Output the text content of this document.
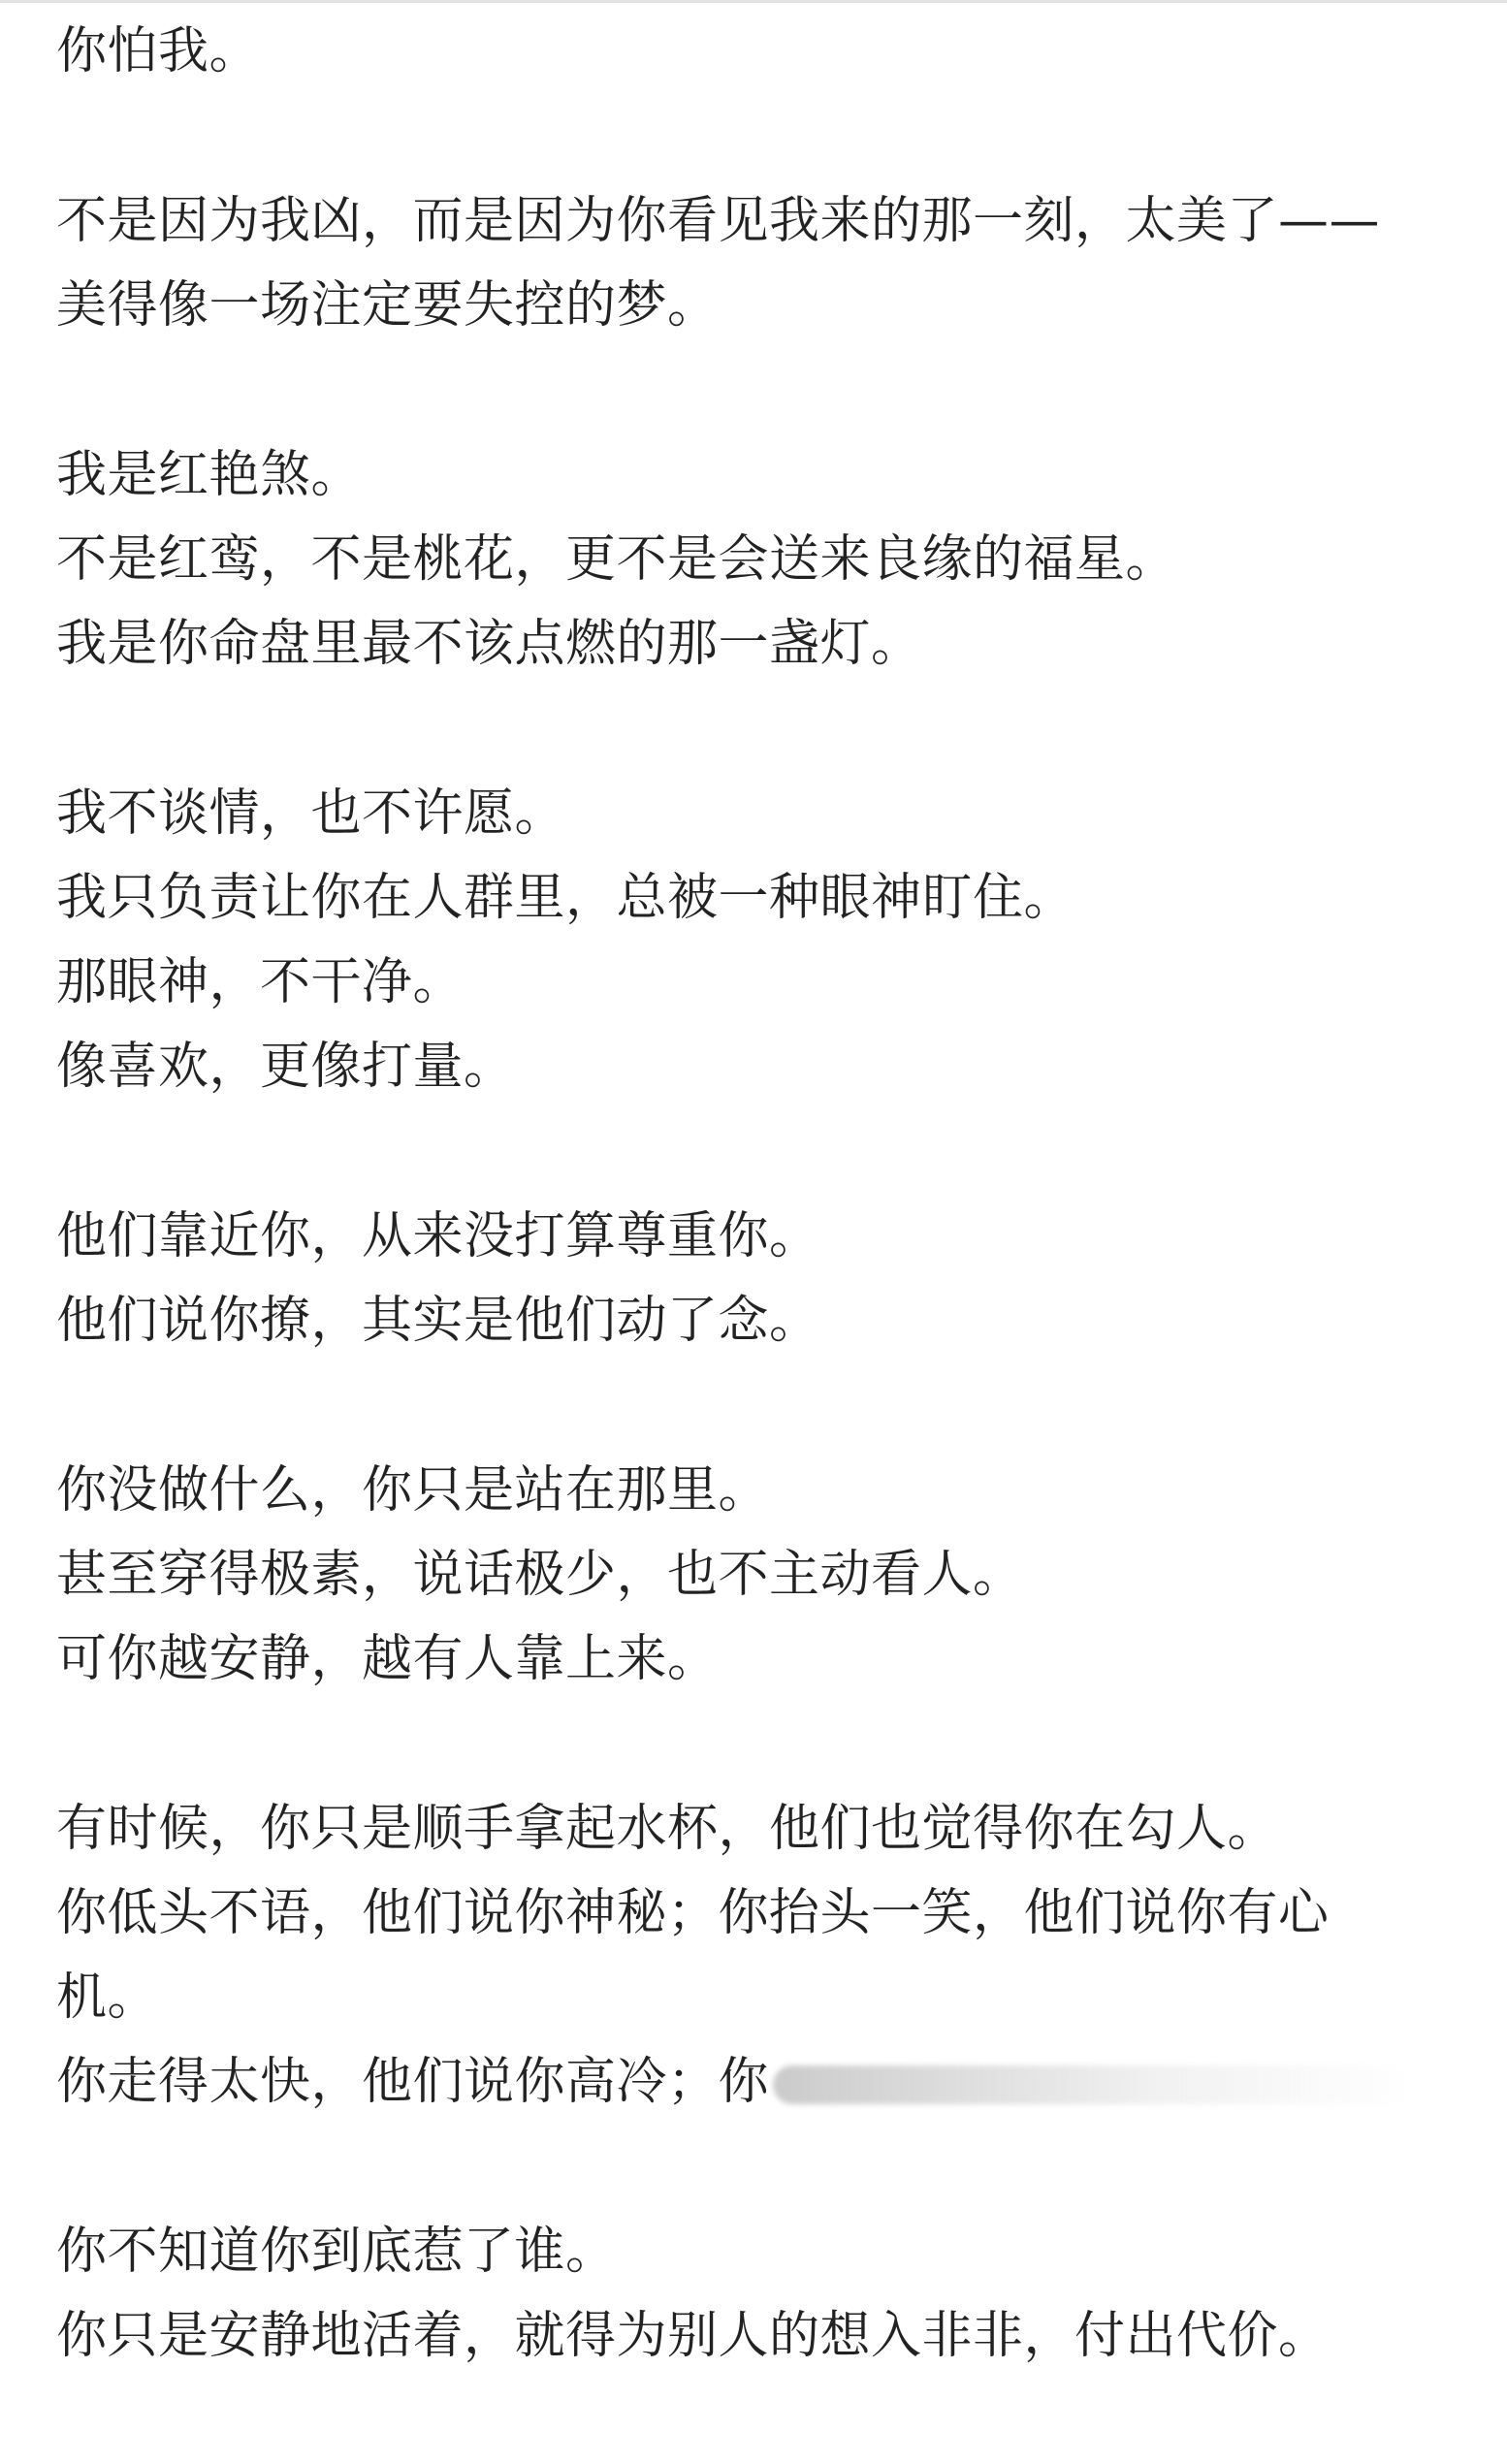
你怕我。
不是因为我凶，而是因为你看见我来的那一刻，太美了——
美得像一场注定要失控的梦。
我是红艳煞。
不是红鸾，不是桃花，更不是会送来良缘的福星。
我是你命盘里最不该点燃的那一盏灯。
我不谈情，也不许愿。
我只负责让你在人群里，总被一种眼神盯住。
那眼神，不干净。
像喜欢，更像打量。
他们靠近你，从来没打算尊重你。
他们说你撩，其实是他们动了念。
你没做什么，你只是站在那里。
甚至穿得极素，说话极少，也不主动看人。
可你越安静，越有人靠上来。
有时候，你只是顺手拿起水杯，他们也觉得你在勾人。
你低头不语，他们说你神秘；你抬头一笑，他们说你有心
机。
你走得太快，他们说你高冷；你
你不知道你到底惹了谁。
你只是安静地活着，就得为别人的想入非非，付出代价。
